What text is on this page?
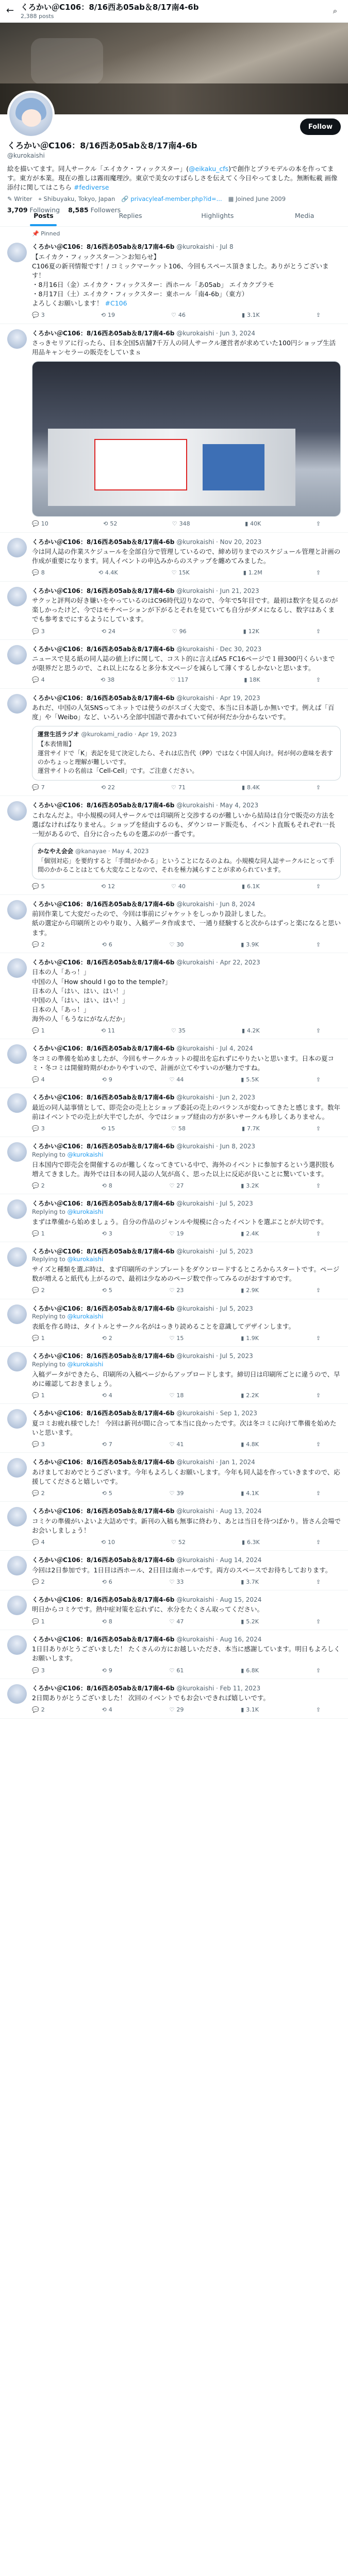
← くろかい＠C106：8/16西あ05ab＆8/17南4-6b
2,388 posts
⌕
Follow
くろかい＠C106：8/16西あ05ab＆8/17南4-6b
@kurokaishi
絵を描いてます。同人サークル「エイカク・フィックスター」(@eikaku_cfs)で創作とプラモデルの本を作ってます。東方が本業。現在の推しは霧雨魔理沙。東京で美女のすばらしさを伝えてく今日やってました。無断転載 画像添付に関してはこちら #fediverse
✎ Writer ⌖ Shibuyaku, Tokyo, Japan 🔗 privacyleaf-member.php?id=... ▦ Joined June 2009
3,709 Following 8,585 Followers
Posts	Replies	Highlights	Media
📌 Pinned
くろかい＠C106：8/16西あ05ab＆8/17南4-6b @kurokaishi · Jul 8
【エイカク・フィックスター＞＞お知らせ】
C106夏の新刊情報です！/ コミックマーケット106、今回もスペース頂きました。ありがとうございます！
・8月16日（金）エイカク・フィックスター：西ホール「あ05ab」 エイカクプラモ
・8月17日（土）エイカク・フィックスター：東ホール「南4-6b」（東方）
よろしくお願いします！ #C106
💬 3	⟲ 19	♡ 46	▮ 3.1K	⇪
くろかい＠C106：8/16西あ05ab＆8/17南4-6b @kurokaishi · Jun 3, 2024
さっきセリアに行ったら、日本全国5店舗7千万人の同人サークル運営者が求めていた100円ショップ生活用品キャンセラーの販売をしていまｓ
💬 10	⟲ 52	♡ 348	▮ 40K	⇪
くろかい＠C106：8/16西あ05ab＆8/17南4-6b @kurokaishi · Nov 20, 2023
今は同人誌の作業スケジュールを全部自分で管理しているので、締め切りまでのスケジュール管理と計画の作成が重要になります。同人イベントの申込みからのステップを纏めてみました。
💬 8	⟲ 4.4K	♡ 15K	▮ 1.2M	⇪
くろかい＠C106：8/16西あ05ab＆8/17南4-6b @kurokaishi · Jun 21, 2023
サクッと評判の好き嫌いをやっているのはC96時代辺りなので、今年で5年目です。最初は数字を見るのが楽しかったけど、今ではモチベーションが下がるとそれを見ていても自分がダメになるし、数字はあくまでも参考までにするようにしています。
💬 3	⟲ 24	♡ 96	▮ 12K	⇪
くろかい＠C106：8/16西あ05ab＆8/17南4-6b @kurokaishi · Dec 30, 2023
ニュースで見る紙の同人誌の値上げに関して、コスト的に言えばA5 FC16ページで１冊300円くらいまでが限界だと思うので、これ以上になると多分本文ページを減らして薄くするしかないと思います。
💬 4	⟲ 38	♡ 117	▮ 18K	⇪
くろかい＠C106：8/16西あ05ab＆8/17南4-6b @kurokaishi · Apr 19, 2023
あれだ、中国の人気SNSってネットでは使うのがスゴく大変で、本当に日本語しか無いです。例えば「百度」や「Weibo」など、いろいろ全部中国語で書かれていて何が何だか分からないです。
運営生活ラジオ @kurokami_radio · Apr 19, 2023
【本表情報】
運営サイドで「K」表記を見て決定したら、それは広告代（PP）ではなく中国人向け。何が何の意味を表すのかちょっと理解が難しいです。
運営サイトの名前は「Cell-Cell」です。ご注意ください。
💬 7	⟲ 22	♡ 71	▮ 8.4K	⇪
くろかい＠C106：8/16西あ05ab＆8/17南4-6b @kurokaishi · May 4, 2023
これなんだよ。中小規模の同人サークルでは印刷所と交渉するのが難しいから結局は自分で販売の方法を選ばなければなりません。ショップを経由するのも、ダウンロード販売も、イベント直販もそれぞれ一長一短があるので、自分に合ったものを選ぶのが一番です。
かなやえ会会 @kanayae · May 4, 2023
「個別対応」を要約すると「手間がかかる」ということになるのよね。小規模な同人誌サークルにとって手間のかかることはとても大変なことなので、それを極力減らすことが求められています。
💬 5	⟲ 12	♡ 40	▮ 6.1K	⇪
くろかい＠C106：8/16西あ05ab＆8/17南4-6b @kurokaishi · Jun 8, 2024
前回作業して大変だったので、今回は事前にジャケットをしっかり設計しました。
紙の選定から印刷所とのやり取り、入稿データ作成まで、一通り経験すると次からはずっと楽になると思います。
💬 2	⟲ 6	♡ 30	▮ 3.9K	⇪
くろかい＠C106：8/16西あ05ab＆8/17南4-6b @kurokaishi · Apr 22, 2023
日本の人「あっ！」
中国の人「How should I go to the temple?」
日本の人「はい、はい、はい！」
中国の人「はい、はい、はい！」
日本の人「あっ！」
海外の人「もうなにがなんだか」
💬 1	⟲ 11	♡ 35	▮ 4.2K	⇪
くろかい＠C106：8/16西あ05ab＆8/17南4-6b @kurokaishi · Jul 4, 2024
冬コミの準備を始めましたが、今回もサークルカットの提出を忘れずにやりたいと思います。日本の夏コミ・冬コミは開催時期がわかりやすいので、計画が立てやすいのが魅力ですね。
💬 4	⟲ 9	♡ 44	▮ 5.5K	⇪
くろかい＠C106：8/16西あ05ab＆8/17南4-6b @kurokaishi · Jun 2, 2023
最近の同人誌事情として、即売会の売上とショップ委託の売上のバランスが変わってきたと感じます。数年前はイベントでの売上が大半でしたが、今ではショップ経由の方が多いサークルも珍しくありません。
💬 3	⟲ 15	♡ 58	▮ 7.7K	⇪
くろかい＠C106：8/16西あ05ab＆8/17南4-6b @kurokaishi · Jun 8, 2023
Replying to @kurokaishi
日本国内で即売会を開催するのが難しくなってきている中で、海外のイベントに参加するという選択肢も増えてきました。海外では日本の同人誌の人気が高く、思った以上に反応が良いことに驚いています。
💬 2	⟲ 8	♡ 27	▮ 3.2K	⇪
くろかい＠C106：8/16西あ05ab＆8/17南4-6b @kurokaishi · Jul 5, 2023
Replying to @kurokaishi
まずは準備から始めましょう。自分の作品のジャンルや規模に合ったイベントを選ぶことが大切です。
💬 1	⟲ 3	♡ 19	▮ 2.4K	⇪
くろかい＠C106：8/16西あ05ab＆8/17南4-6b @kurokaishi · Jul 5, 2023
Replying to @kurokaishi
サイズと種類を選ぶ時は、まず印刷所のテンプレートをダウンロードするところからスタートです。ページ数が増えると紙代も上がるので、最初は少なめのページ数で作ってみるのがおすすめです。
💬 2	⟲ 5	♡ 23	▮ 2.9K	⇪
くろかい＠C106：8/16西あ05ab＆8/17南4-6b @kurokaishi · Jul 5, 2023
Replying to @kurokaishi
表紙を作る時は、タイトルとサークル名がはっきり読めることを意識してデザインします。
💬 1	⟲ 2	♡ 15	▮ 1.9K	⇪
くろかい＠C106：8/16西あ05ab＆8/17南4-6b @kurokaishi · Jul 5, 2023
Replying to @kurokaishi
入稿データができたら、印刷所の入稿ページからアップロードします。締切日は印刷所ごとに違うので、早めに確認しておきましょう。
💬 1	⟲ 4	♡ 18	▮ 2.2K	⇪
くろかい＠C106：8/16西あ05ab＆8/17南4-6b @kurokaishi · Sep 1, 2023
夏コミお疲れ様でした！ 今回は新刊が間に合って本当に良かったです。次は冬コミに向けて準備を始めたいと思います。
💬 3	⟲ 7	♡ 41	▮ 4.8K	⇪
くろかい＠C106：8/16西あ05ab＆8/17南4-6b @kurokaishi · Jan 1, 2024
あけましておめでとうございます。今年もよろしくお願いします。今年も同人誌を作っていきますので、応援してくださると嬉しいです。
💬 2	⟲ 5	♡ 39	▮ 4.1K	⇪
くろかい＠C106：8/16西あ05ab＆8/17南4-6b @kurokaishi · Aug 13, 2024
コミケの準備がいよいよ大詰めです。新刊の入稿も無事に終わり、あとは当日を待つばかり。皆さん会場でお会いしましょう！
💬 4	⟲ 10	♡ 52	▮ 6.3K	⇪
くろかい＠C106：8/16西あ05ab＆8/17南4-6b @kurokaishi · Aug 14, 2024
今回は2日参加です。1日目は西ホール、2日目は南ホールです。両方のスペースでお待ちしております。
💬 2	⟲ 6	♡ 33	▮ 3.7K	⇪
くろかい＠C106：8/16西あ05ab＆8/17南4-6b @kurokaishi · Aug 15, 2024
明日からコミケです。熱中症対策を忘れずに、水分をたくさん取ってください。
💬 1	⟲ 8	♡ 47	▮ 5.2K	⇪
くろかい＠C106：8/16西あ05ab＆8/17南4-6b @kurokaishi · Aug 16, 2024
1日目ありがとうございました！ たくさんの方にお越しいただき、本当に感謝しています。明日もよろしくお願いします。
💬 3	⟲ 9	♡ 61	▮ 6.8K	⇪
くろかい＠C106：8/16西あ05ab＆8/17南4-6b @kurokaishi · Feb 11, 2023
2日間ありがとうございました！ 次回のイベントでもお会いできれば嬉しいです。
💬 2	⟲ 4	♡ 29	▮ 3.1K	⇪
